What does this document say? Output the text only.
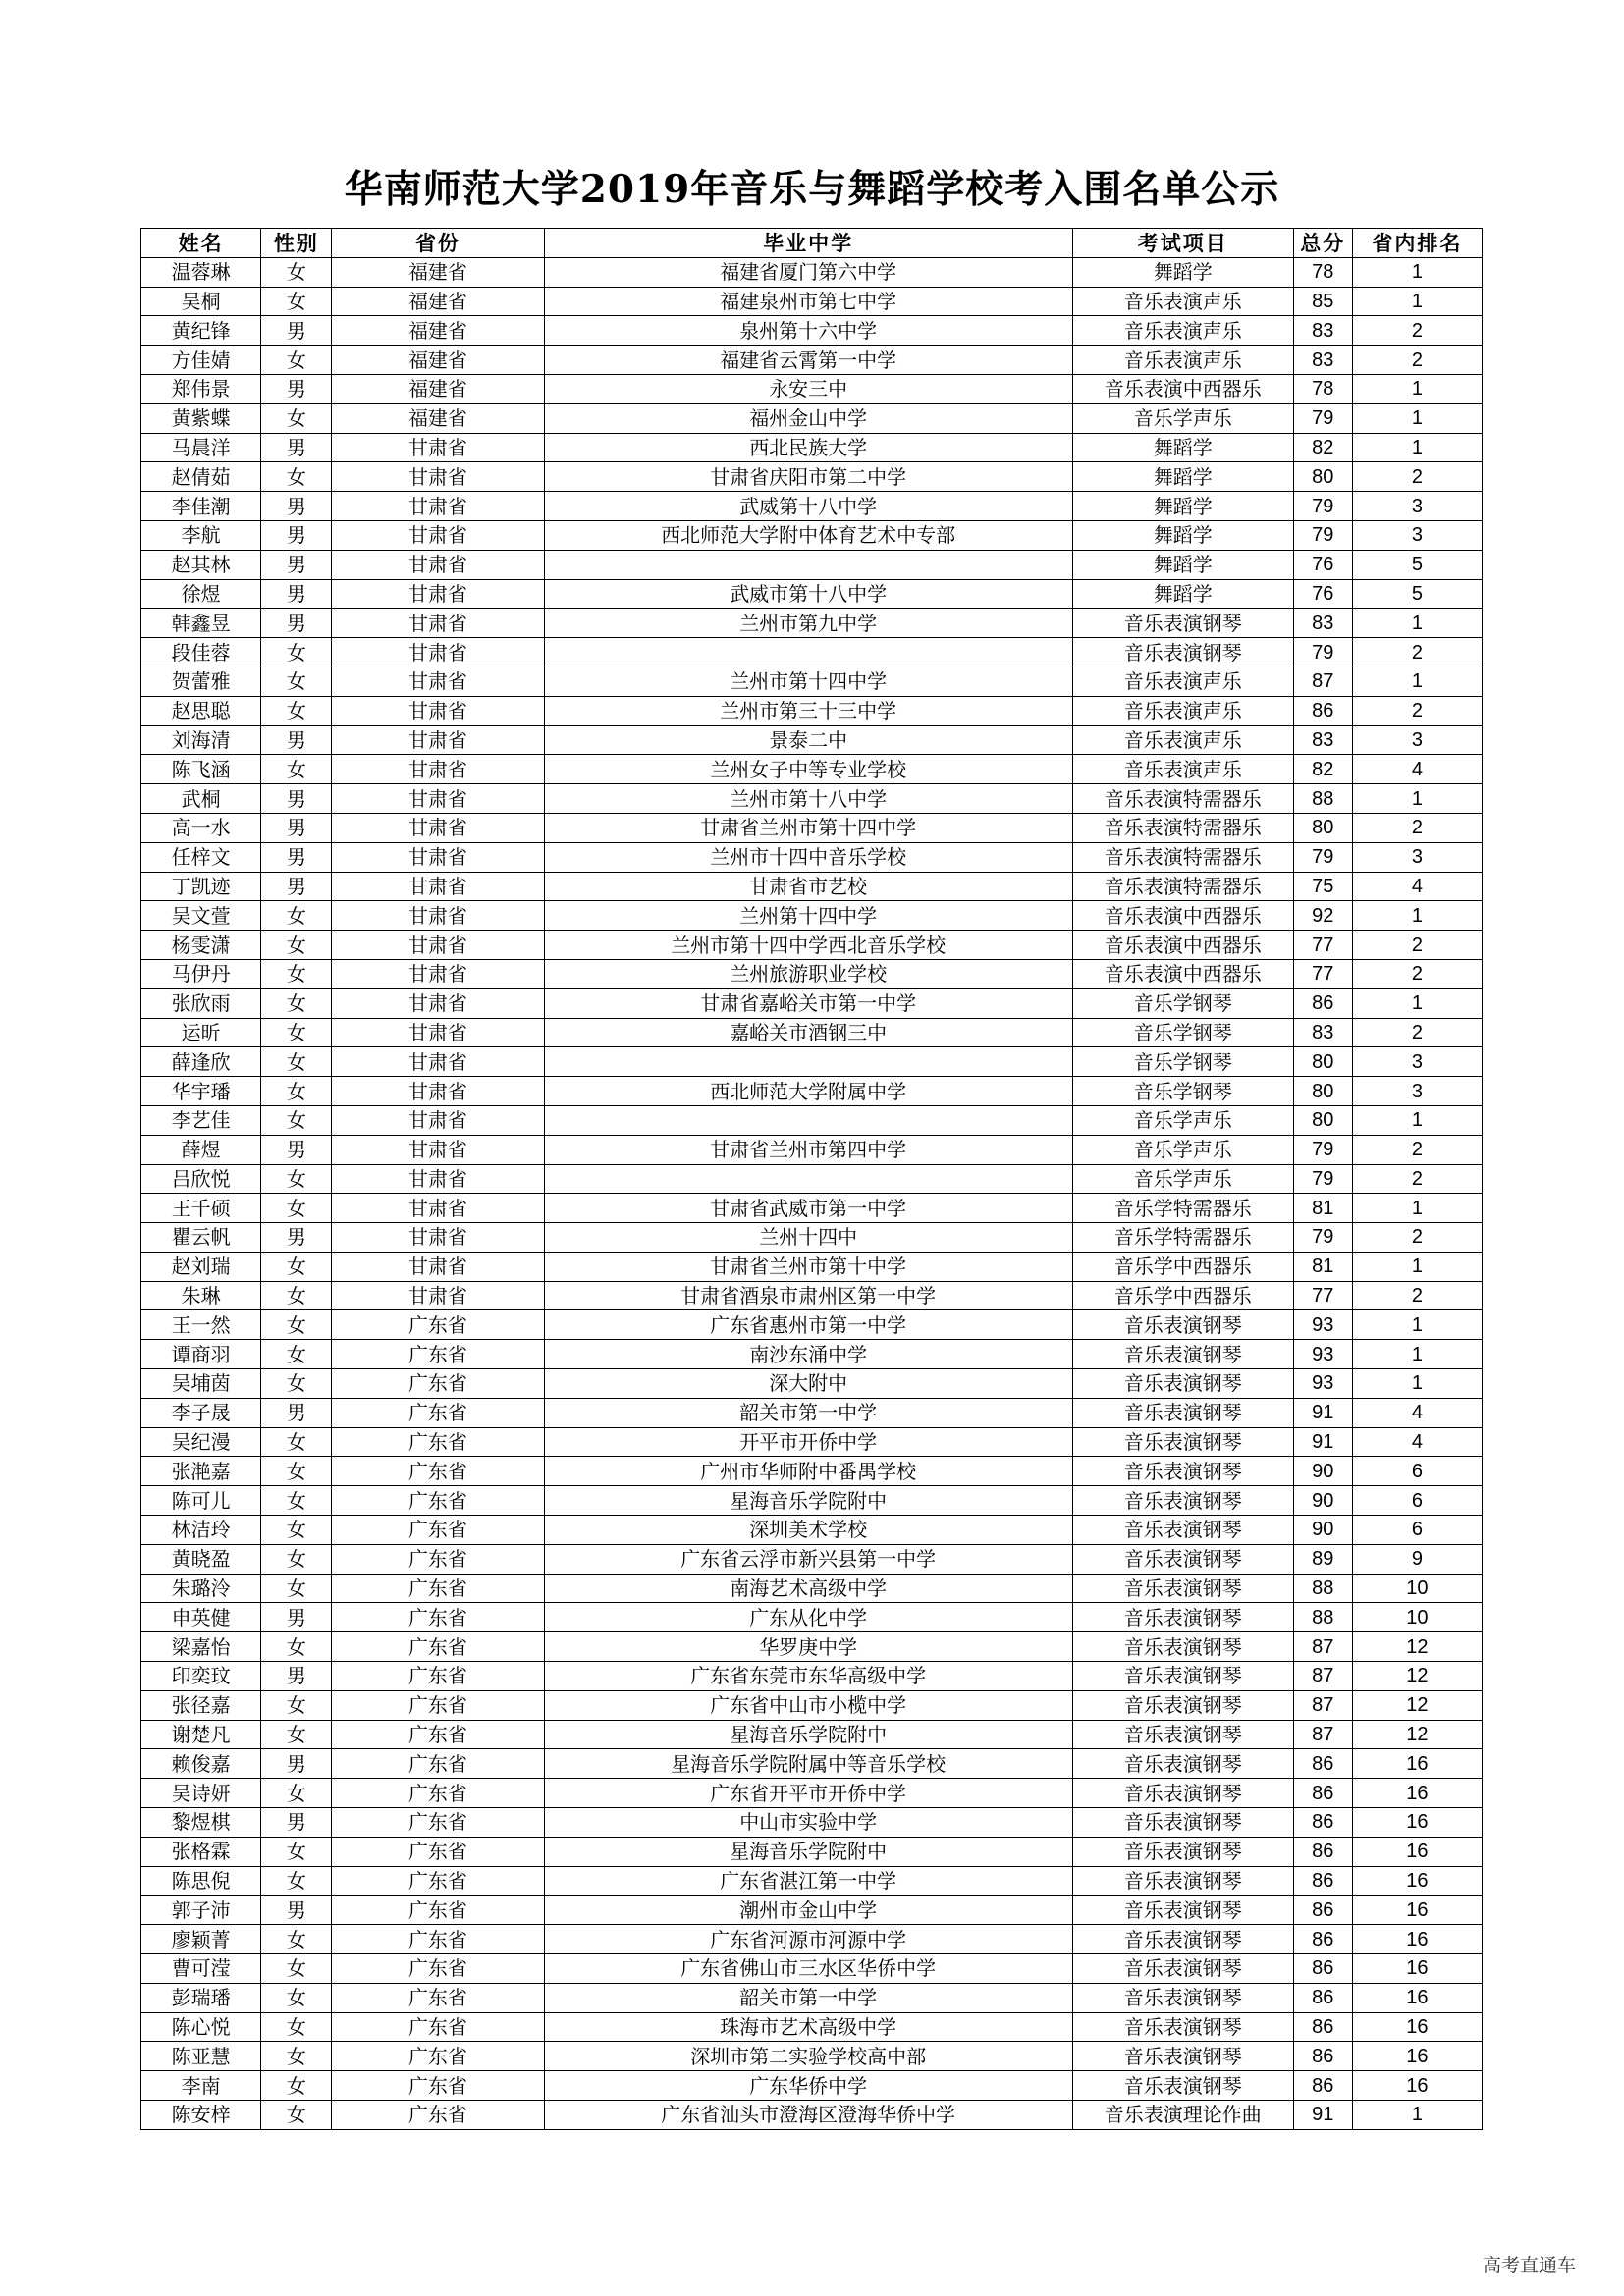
华南师范大学2019年音乐与舞蹈学校考入围名单公示
姓名	性别	省份	毕业中学	考试项目	总分	省内排名
温蓉琳	女	福建省	福建省厦门第六中学	舞蹈学	78	1
吴桐	女	福建省	福建泉州市第七中学	音乐表演声乐	85	1
黄纪锋	男	福建省	泉州第十六中学	音乐表演声乐	83	2
方佳婧	女	福建省	福建省云霄第一中学	音乐表演声乐	83	2
郑伟景	男	福建省	永安三中	音乐表演中西器乐	78	1
黄紫蝶	女	福建省	福州金山中学	音乐学声乐	79	1
马晨洋	男	甘肃省	西北民族大学	舞蹈学	82	1
赵倩茹	女	甘肃省	甘肃省庆阳市第二中学	舞蹈学	80	2
李佳潮	男	甘肃省	武威第十八中学	舞蹈学	79	3
李航	男	甘肃省	西北师范大学附中体育艺术中专部	舞蹈学	79	3
赵其林	男	甘肃省		舞蹈学	76	5
徐煜	男	甘肃省	武威市第十八中学	舞蹈学	76	5
韩鑫昱	男	甘肃省	兰州市第九中学	音乐表演钢琴	83	1
段佳蓉	女	甘肃省		音乐表演钢琴	79	2
贺蕾雅	女	甘肃省	兰州市第十四中学	音乐表演声乐	87	1
赵思聪	女	甘肃省	兰州市第三十三中学	音乐表演声乐	86	2
刘海清	男	甘肃省	景泰二中	音乐表演声乐	83	3
陈飞涵	女	甘肃省	兰州女子中等专业学校	音乐表演声乐	82	4
武桐	男	甘肃省	兰州市第十八中学	音乐表演特需器乐	88	1
高一水	男	甘肃省	甘肃省兰州市第十四中学	音乐表演特需器乐	80	2
任梓文	男	甘肃省	兰州市十四中音乐学校	音乐表演特需器乐	79	3
丁凯迹	男	甘肃省	甘肃省市艺校	音乐表演特需器乐	75	4
吴文萱	女	甘肃省	兰州第十四中学	音乐表演中西器乐	92	1
杨雯潇	女	甘肃省	兰州市第十四中学西北音乐学校	音乐表演中西器乐	77	2
马伊丹	女	甘肃省	兰州旅游职业学校	音乐表演中西器乐	77	2
张欣雨	女	甘肃省	甘肃省嘉峪关市第一中学	音乐学钢琴	86	1
运昕	女	甘肃省	嘉峪关市酒钢三中	音乐学钢琴	83	2
薛逢欣	女	甘肃省		音乐学钢琴	80	3
华宇璠	女	甘肃省	西北师范大学附属中学	音乐学钢琴	80	3
李艺佳	女	甘肃省		音乐学声乐	80	1
薛煜	男	甘肃省	甘肃省兰州市第四中学	音乐学声乐	79	2
吕欣悦	女	甘肃省		音乐学声乐	79	2
王千硕	女	甘肃省	甘肃省武威市第一中学	音乐学特需器乐	81	1
瞿云帆	男	甘肃省	兰州十四中	音乐学特需器乐	79	2
赵刘瑞	女	甘肃省	甘肃省兰州市第十中学	音乐学中西器乐	81	1
朱琳	女	甘肃省	甘肃省酒泉市肃州区第一中学	音乐学中西器乐	77	2
王一然	女	广东省	广东省惠州市第一中学	音乐表演钢琴	93	1
谭商羽	女	广东省	南沙东涌中学	音乐表演钢琴	93	1
吴埔茵	女	广东省	深大附中	音乐表演钢琴	93	1
李子晟	男	广东省	韶关市第一中学	音乐表演钢琴	91	4
吴纪漫	女	广东省	开平市开侨中学	音乐表演钢琴	91	4
张滟嘉	女	广东省	广州市华师附中番禺学校	音乐表演钢琴	90	6
陈可儿	女	广东省	星海音乐学院附中	音乐表演钢琴	90	6
林洁玲	女	广东省	深圳美术学校	音乐表演钢琴	90	6
黄晓盈	女	广东省	广东省云浮市新兴县第一中学	音乐表演钢琴	89	9
朱璐泠	女	广东省	南海艺术高级中学	音乐表演钢琴	88	10
申英健	男	广东省	广东从化中学	音乐表演钢琴	88	10
梁嘉怡	女	广东省	华罗庚中学	音乐表演钢琴	87	12
印奕玟	男	广东省	广东省东莞市东华高级中学	音乐表演钢琴	87	12
张径嘉	女	广东省	广东省中山市小榄中学	音乐表演钢琴	87	12
谢楚凡	女	广东省	星海音乐学院附中	音乐表演钢琴	87	12
赖俊嘉	男	广东省	星海音乐学院附属中等音乐学校	音乐表演钢琴	86	16
吴诗妍	女	广东省	广东省开平市开侨中学	音乐表演钢琴	86	16
黎煜棋	男	广东省	中山市实验中学	音乐表演钢琴	86	16
张格霖	女	广东省	星海音乐学院附中	音乐表演钢琴	86	16
陈思倪	女	广东省	广东省湛江第一中学	音乐表演钢琴	86	16
郭子沛	男	广东省	潮州市金山中学	音乐表演钢琴	86	16
廖颖菁	女	广东省	广东省河源市河源中学	音乐表演钢琴	86	16
曹可滢	女	广东省	广东省佛山市三水区华侨中学	音乐表演钢琴	86	16
彭瑞璠	女	广东省	韶关市第一中学	音乐表演钢琴	86	16
陈心悦	女	广东省	珠海市艺术高级中学	音乐表演钢琴	86	16
陈亚慧	女	广东省	深圳市第二实验学校高中部	音乐表演钢琴	86	16
李南	女	广东省	广东华侨中学	音乐表演钢琴	86	16
陈安梓	女	广东省	广东省汕头市澄海区澄海华侨中学	音乐表演理论作曲	91	1
高考直通车
